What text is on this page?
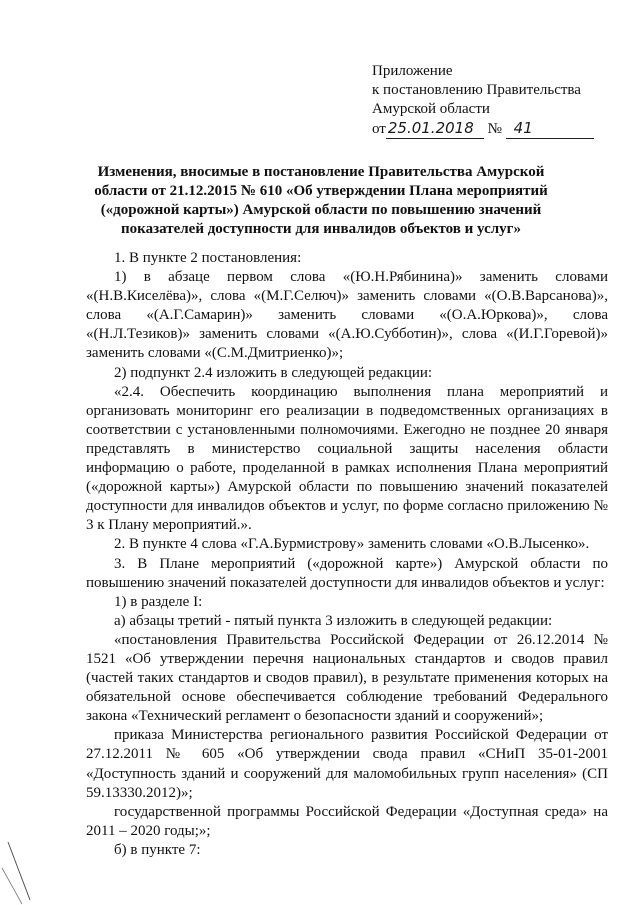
Приложение
к постановлению Правительства
Амурской области
от 25.01.2018 № 41
Изменения, вносимые в постановление Правительства Амурской области от 21.12.2015 № 610 «Об утверждении Плана мероприятий («дорожной карты») Амурской области по повышению значений показателей доступности для инвалидов объектов и услуг»

1. В пункте 2 постановления:

1) в абзаце первом слова «(Ю.Н.Рябинина)» заменить словами «(Н.В.Киселёва)», слова «(М.Г.Селюч)» заменить словами «(О.В.Варсанова)», слова «(А.Г.Самарин)» заменить словами «(О.А.Юркова)», слова «(Н.Л.Тезиков)» заменить словами «(А.Ю.Субботин)», слова «(И.Г.Горевой)» заменить словами «(С.М.Дмитриенко)»;

2) подпункт 2.4 изложить в следующей редакции:

«2.4. Обеспечить координацию выполнения плана мероприятий и организовать мониторинг его реализации в подведомственных организациях в соответствии с установленными полномочиями. Ежегодно не позднее 20 января представлять в министерство социальной защиты населения области информацию о работе, проделанной в рамках исполнения Плана мероприятий («дорожной карты») Амурской области по повышению значений показателей доступности для инвалидов объектов и услуг, по форме согласно приложению № 3 к Плану мероприятий.».

2. В пункте 4 слова «Г.А.Бурмистрову» заменить словами «О.В.Лысенко».

3. В Плане мероприятий («дорожной карте») Амурской области по повышению значений показателей доступности для инвалидов объектов и услуг:

1) в разделе I:

а) абзацы третий - пятый пункта 3 изложить в следующей редакции:

«постановления Правительства Российской Федерации от 26.12.2014 № 1521 «Об утверждении перечня национальных стандартов и сводов правил (частей таких стандартов и сводов правил), в результате применения которых на обязательной основе обеспечивается соблюдение требований Федерального закона «Технический регламент о безопасности зданий и сооружений»;

приказа Министерства регионального развития Российской Федерации от 27.12.2011 № 605 «Об утверждении свода правил «СНиП 35-01-2001 «Доступность зданий и сооружений для маломобильных групп населения» (СП 59.13330.2012)»;

государственной программы Российской Федерации «Доступная среда» на 2011 – 2020 годы;»;

б) в пункте 7:
